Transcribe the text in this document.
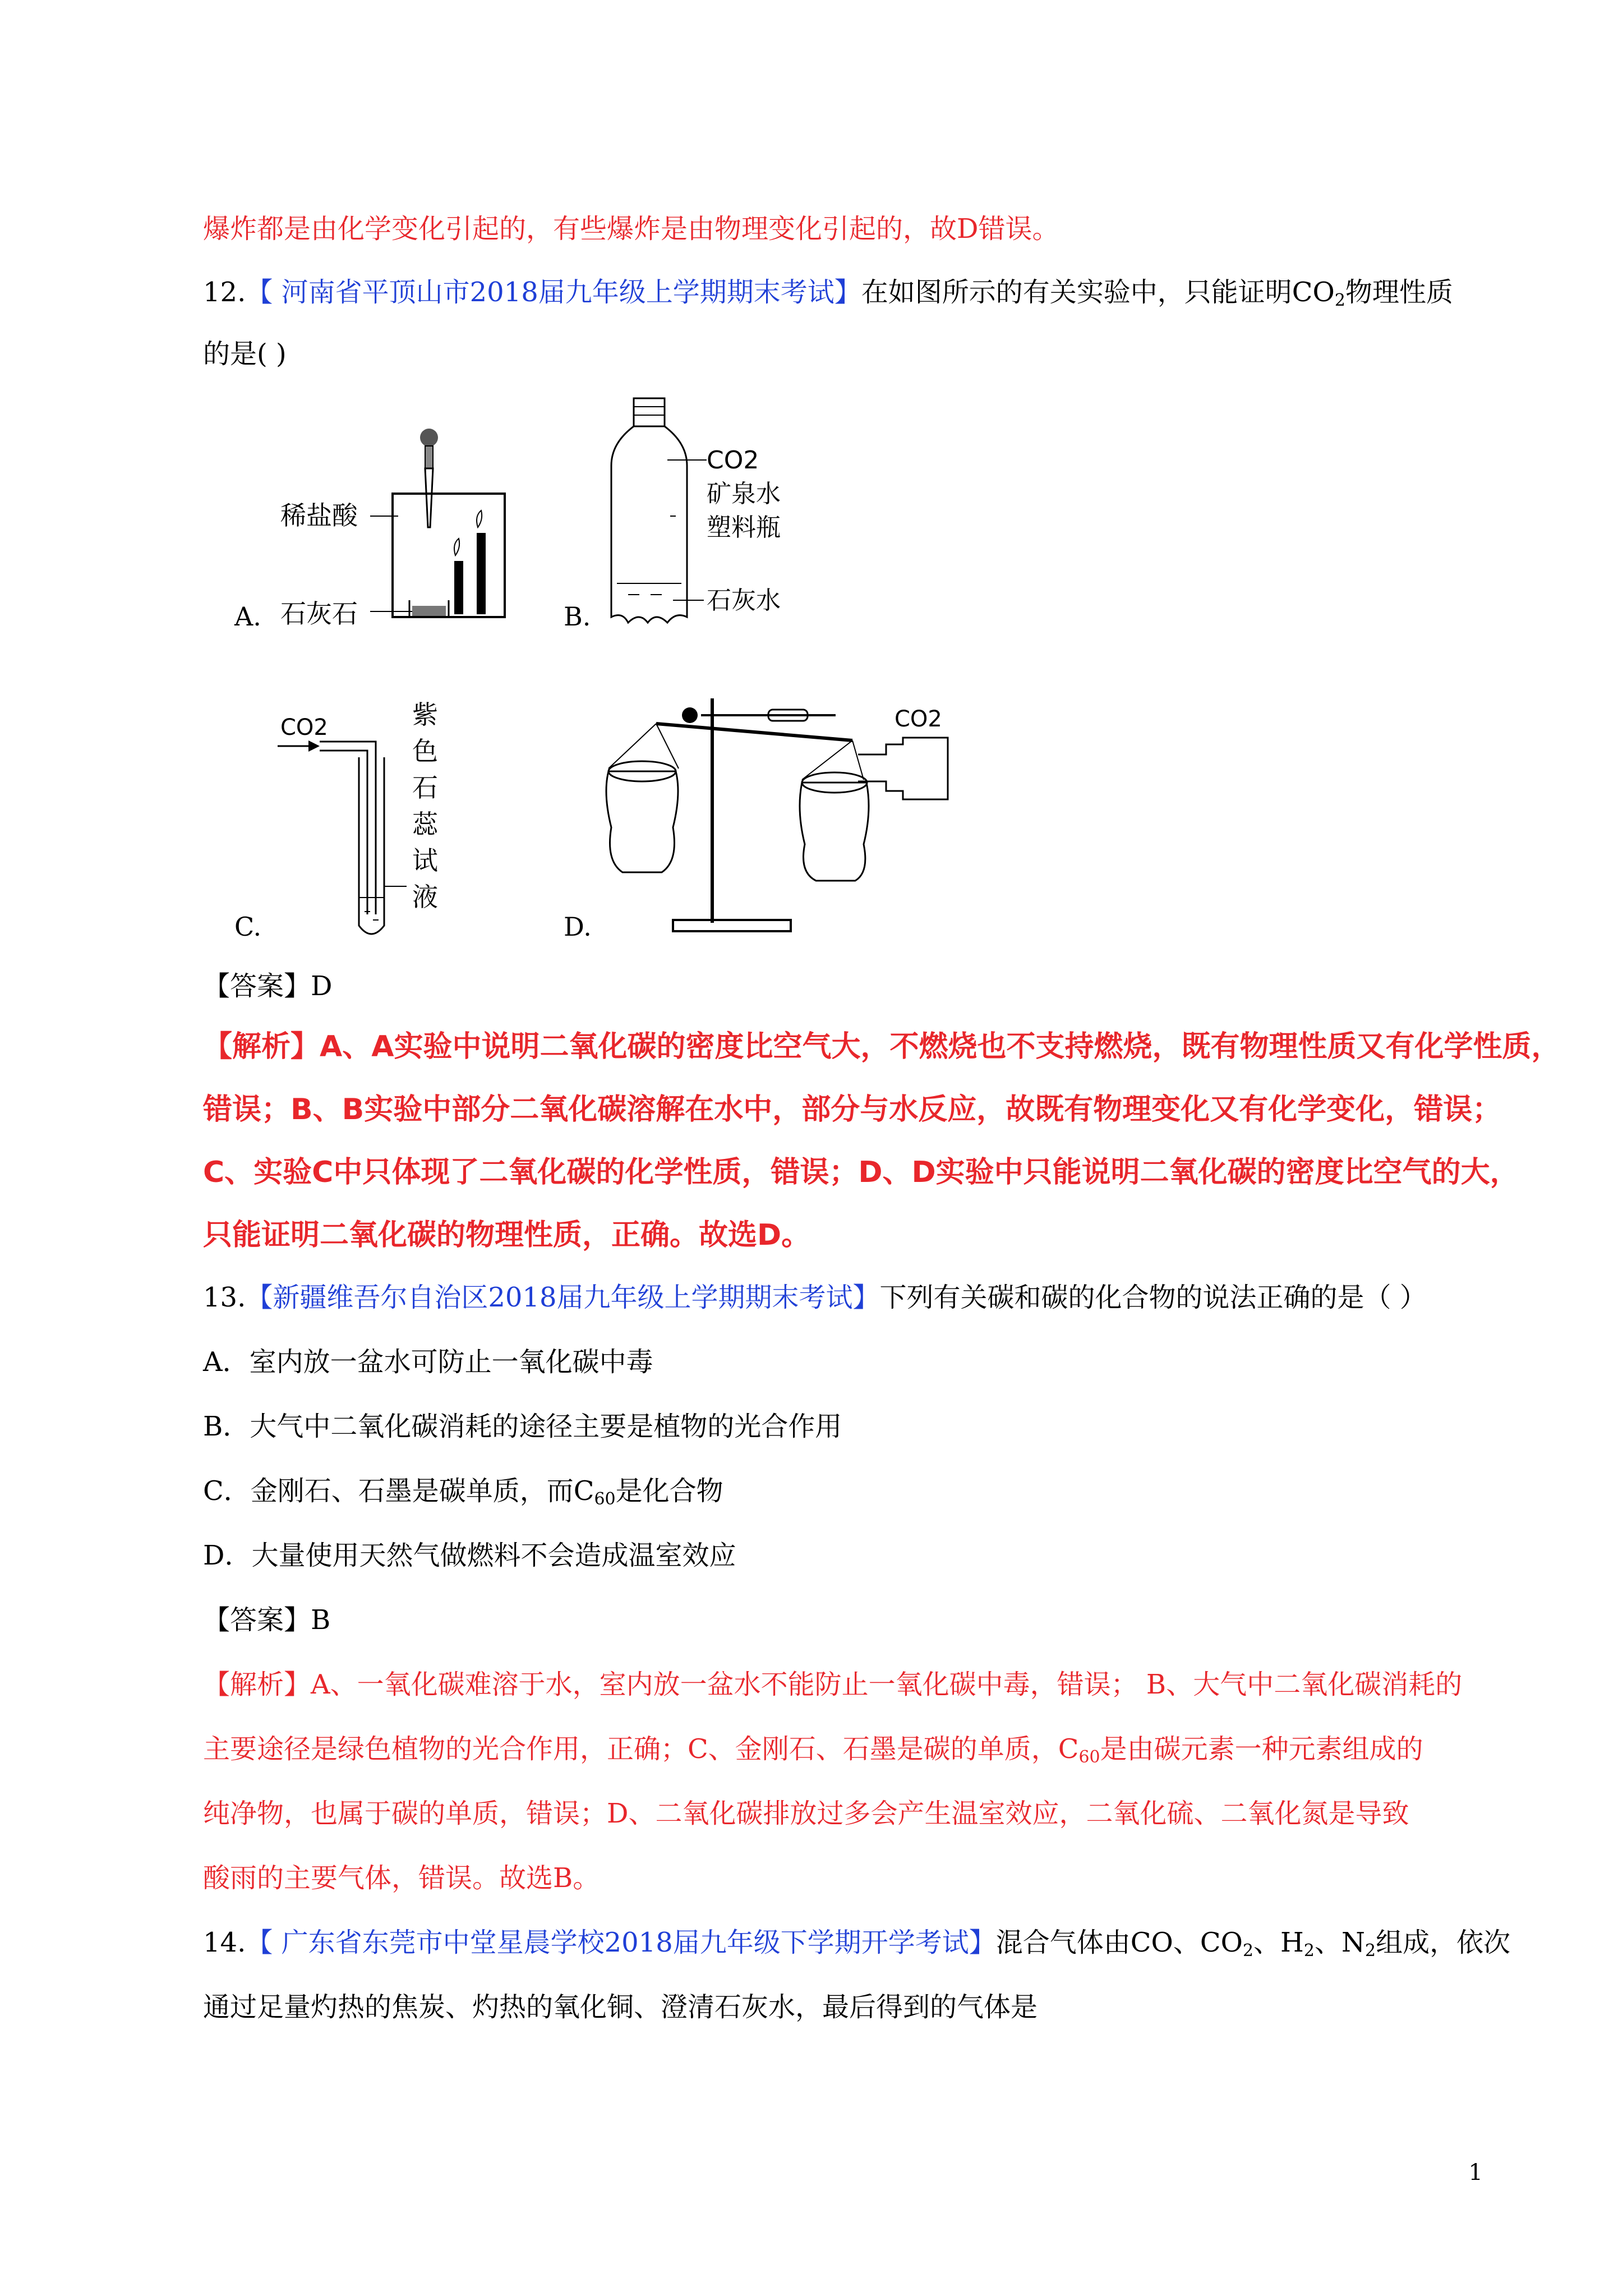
爆炸都是由化学变化引起的，有些爆炸是由物理变化引起的，故D错误。
12.【 河南省平顶山市2018届九年级上学期期末考试】在如图所示的有关实验中，只能证明$CO_2$物理性质
的是( )
稀盐酸
石灰石
A.
CO2
矿泉水
塑料瓶
石灰水
B.
CO2	紫
色
石
蕊
试
液
C.
CO2
D.
【答案】D
【解析】A、A实验中说明二氧化碳的密度比空气大，不燃烧也不支持燃烧，既有物理性质又有化学性质，
错误；B、B实验中部分二氧化碳溶解在水中，部分与水反应，故既有物理变化又有化学变化，错误；
C、实验C中只体现了二氧化碳的化学性质，错误；D、D实验中只能说明二氧化碳的密度比空气的大，
只能证明二氧化碳的物理性质，正确。故选D。
13.【新疆维吾尔自治区2018届九年级上学期期末考试】下列有关碳和碳的化合物的说法正确的是（ ）
A．室内放一盆水可防止一氧化碳中毒
B．大气中二氧化碳消耗的途径主要是植物的光合作用
C．金刚石、石墨是碳单质，而$C_{60}$是化合物
D．大量使用天然气做燃料不会造成温室效应
【答案】B
【解析】A、一氧化碳难溶于水，室内放一盆水不能防止一氧化碳中毒，错误； B、大气中二氧化碳消耗的
主要途径是绿色植物的光合作用，正确；C、金刚石、石墨是碳的单质，$C_{60}$是由碳元素一种元素组成的
纯净物，也属于碳的单质，错误；D、二氧化碳排放过多会产生温室效应，二氧化硫、二氧化氮是导致
酸雨的主要气体，错误。故选B。
14.【 广东省东莞市中堂星晨学校2018届九年级下学期开学考试】混合气体由CO、$CO_2$、$H_2$、$N_2$组成，依次
通过足量灼热的焦炭、灼热的氧化铜、澄清石灰水，最后得到的气体是
1
